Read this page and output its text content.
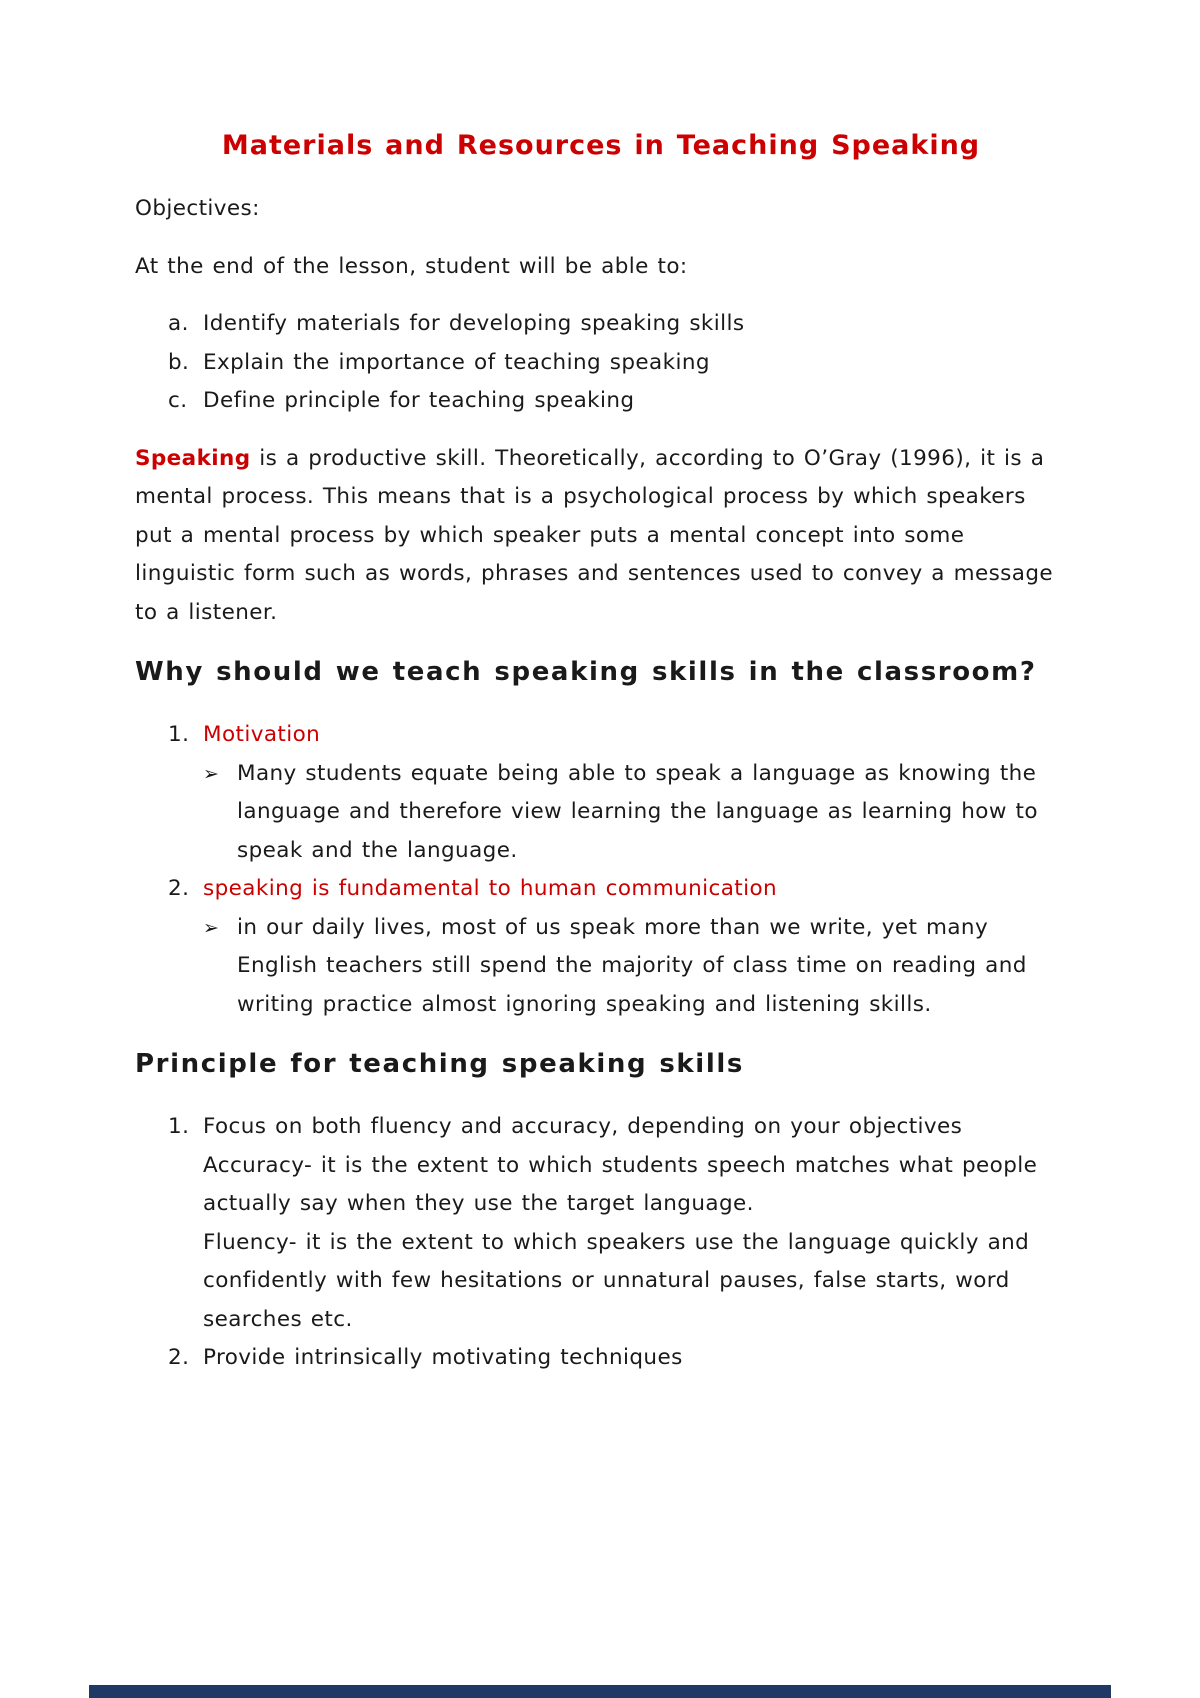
Materials and Resources in Teaching Speaking

Objectives:

At the end of the lesson, student will be able to:

a. Identify materials for developing speaking skills
b. Explain the importance of teaching speaking
c. Define principle for teaching speaking

Speaking is a productive skill. Theoretically, according to O’Gray (1996), it is a mental process. This means that is a psychological process by which speakers put a mental process by which speaker puts a mental concept into some linguistic form such as words, phrases and sentences used to convey a message to a listener.

Why should we teach speaking skills in the classroom?
1. Motivation
➢ Many students equate being able to speak a language as knowing the language and therefore view learning the language as learning how to speak and the language.
2. speaking is fundamental to human communication
➢ in our daily lives, most of us speak more than we write, yet many English teachers still spend the majority of class time on reading and writing practice almost ignoring speaking and listening skills.
Principle for teaching speaking skills
1. Focus on both fluency and accuracy, depending on your objectives
Accuracy- it is the extent to which students speech matches what people actually say when they use the target language.
Fluency- it is the extent to which speakers use the language quickly and confidently with few hesitations or unnatural pauses, false starts, word searches etc.
2. Provide intrinsically motivating techniques
